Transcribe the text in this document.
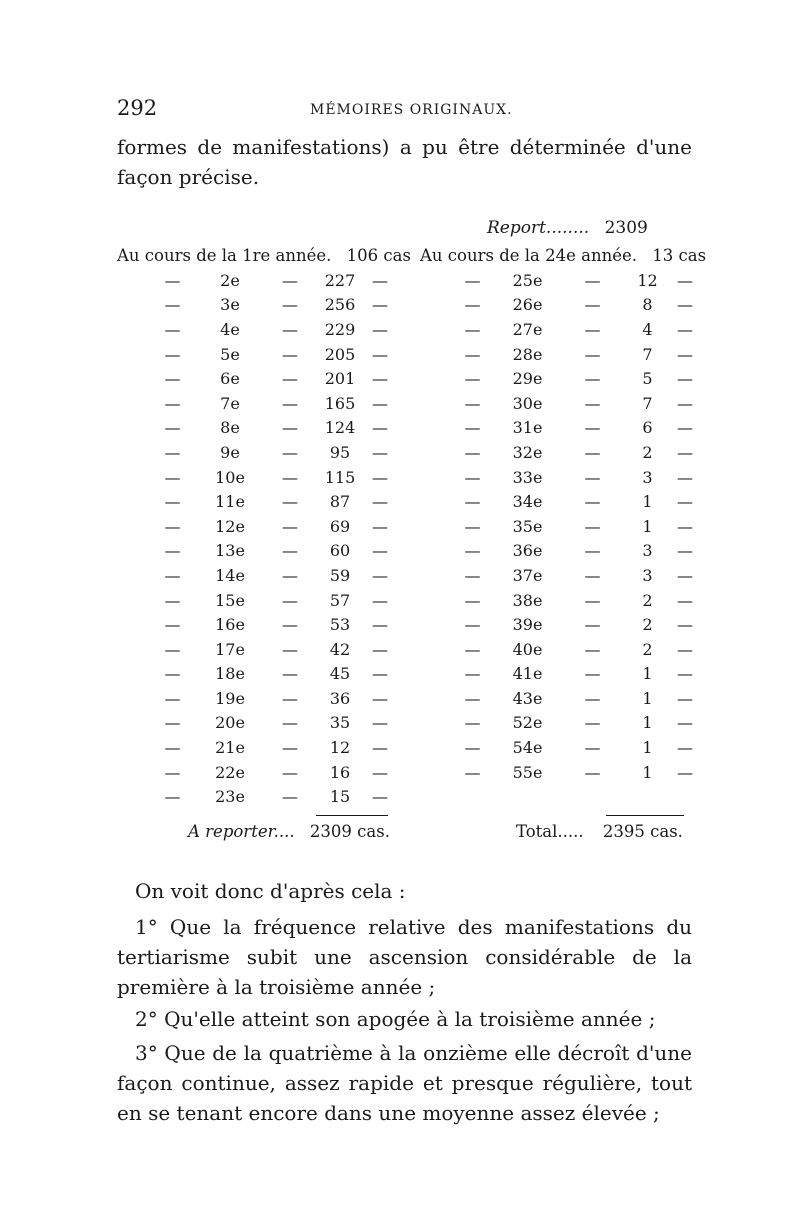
292	MÉMOIRES ORIGINAUX.
formes de manifestations) a pu être déterminée d'une façon précise.
Report........ 2309
Au cours de la 1re année. 106 cas Au cours de la 24e année. 13 cas
—	2e	—	227	—
—	3e	—	256	—
—	4e	—	229	—
—	5e	—	205	—
—	6e	—	201	—
—	7e	—	165	—
—	8e	—	124	—
—	9e	—	95	—
—	10e	—	115	—
—	11e	—	87	—
—	12e	—	69	—
—	13e	—	60	—
—	14e	—	59	—
—	15e	—	57	—
—	16e	—	53	—
—	17e	—	42	—
—	18e	—	45	—
—	19e	—	36	—
—	20e	—	35	—
—	21e	—	12	—
—	22e	—	16	—
—	23e	—	15	—
—	25e	—	12	—
—	26e	—	8	—
—	27e	—	4	—
—	28e	—	7	—
—	29e	—	5	—
—	30e	—	7	—
—	31e	—	6	—
—	32e	—	2	—
—	33e	—	3	—
—	34e	—	1	—
—	35e	—	1	—
—	36e	—	3	—
—	37e	—	3	—
—	38e	—	2	—
—	39e	—	2	—
—	40e	—	2	—
—	41e	—	1	—
—	43e	—	1	—
—	52e	—	1	—
—	54e	—	1	—
—	55e	—	1	—
A reporter.... 2309 cas.	Total..... 2395 cas.
On voit donc d'après cela :
1° Que la fréquence relative des manifestations du tertiarisme subit une ascension considérable de la première à la troisième année ;
2° Qu'elle atteint son apogée à la troisième année ;
3° Que de la quatrième à la onzième elle décroît d'une façon continue, assez rapide et presque régulière, tout en se tenant encore dans une moyenne assez élevée ;
